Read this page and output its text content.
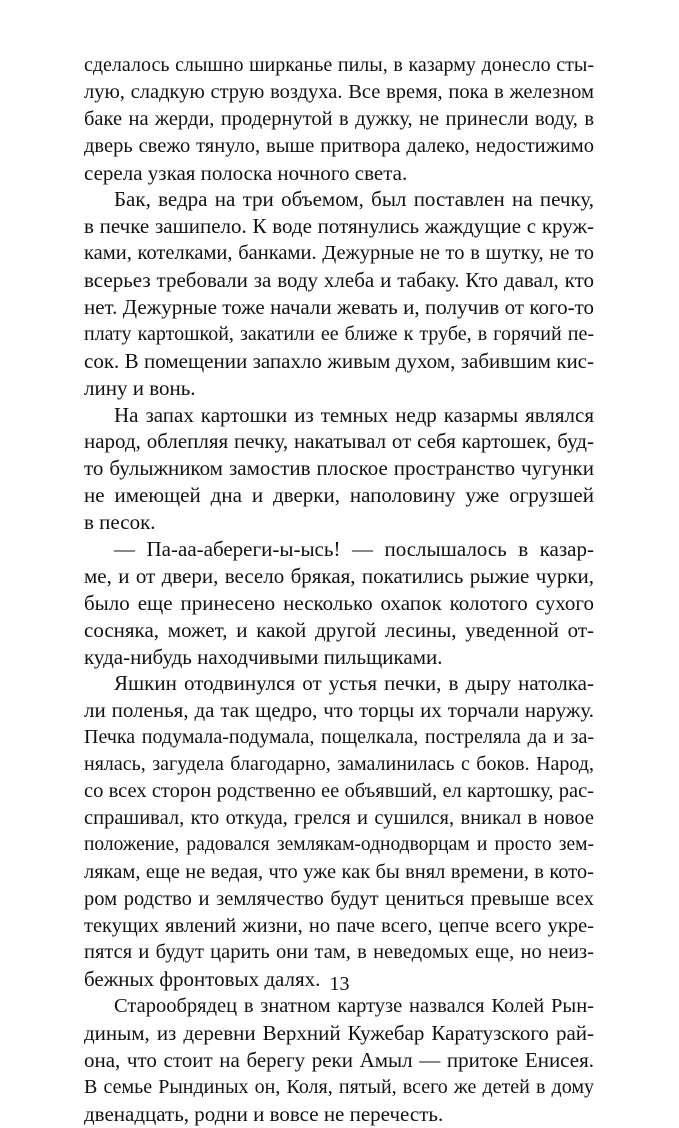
сделалось слышно ширканье пилы, в казарму донесло сты-
лую, сладкую струю воздуха. Все время, пока в железном
баке на жерди, продернутой в дужку, не принесли воду, в
дверь свежо тянуло, выше притвора далеко, недостижимо
серела узкая полоска ночного света.
Бак, ведра на три объемом, был поставлен на печку,
в печке зашипело. К воде потянулись жаждущие с круж-
ками, котелками, банками. Дежурные не то в шутку, не то
всерьез требовали за воду хлеба и табаку. Кто давал, кто
нет. Дежурные тоже начали жевать и, получив от кого-то
плату картошкой, закатили ее ближе к трубе, в горячий пе-
сок. В помещении запахло живым духом, забившим кис-
лину и вонь.
На запах картошки из темных недр казармы являлся
народ, облепляя печку, накатывал от себя картошек, буд-
то булыжником замостив плоское пространство чугунки
не имеющей дна и дверки, наполовину уже огрузшей
в песок.
— Па-аа-абереги-ы-ысь! — послышалось в казар-
ме, и от двери, весело брякая, покатились рыжие чурки,
было еще принесено несколько охапок колотого сухого
сосняка, может, и какой другой лесины, уведенной от-
куда-нибудь находчивыми пильщиками.
Яшкин отодвинулся от устья печки, в дыру натолка-
ли поленья, да так щедро, что торцы их торчали наружу.
Печка подумала-подумала, пощелкала, постреляла да и за-
нялась, загудела благодарно, замалинилась с боков. Народ,
со всех сторон родственно ее объявший, ел картошку, рас-
спрашивал, кто откуда, грелся и сушился, вникал в новое
положение, радовался землякам-однодворцам и просто зем-
лякам, еще не ведая, что уже как бы внял времени, в кото-
ром родство и землячество будут цениться превыше всех
текущих явлений жизни, но паче всего, цепче всего укре-
пятся и будут царить они там, в неведомых еще, но неиз-
бежных фронтовых далях.
Старообрядец в знатном картузе назвался Колей Рын-
диным, из деревни Верхний Кужебар Каратузского рай-
она, что стоит на берегу реки Амыл — притоке Енисея.
В семье Рындиных он, Коля, пятый, всего же детей в дому
двенадцать, родни и вовсе не перечесть.
13
